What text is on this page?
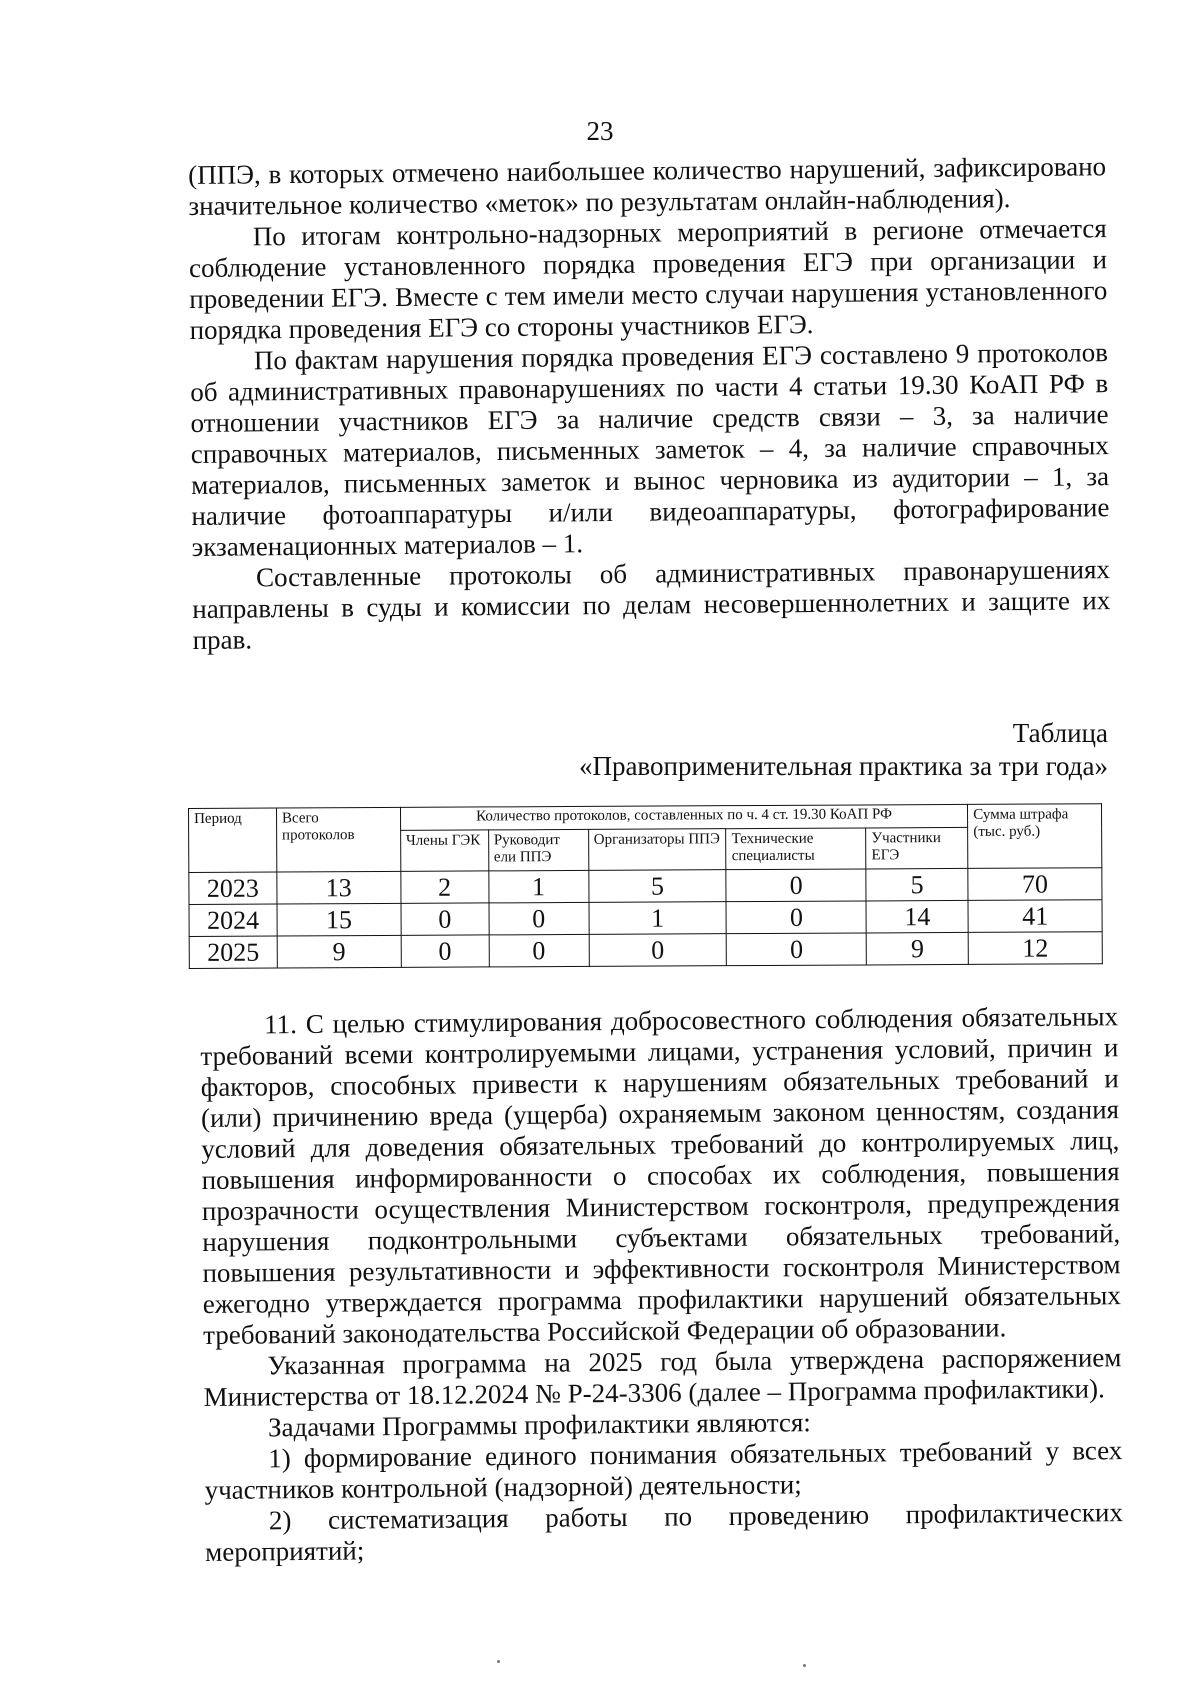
23

(ППЭ, в которых отмечено наибольшее количество нарушений, зафиксировано значительное количество «меток» по результатам онлайн-наблюдения).

По итогам контрольно-надзорных мероприятий в регионе отмечается соблюдение установленного порядка проведения ЕГЭ при организации и проведении ЕГЭ. Вместе с тем имели место случаи нарушения установленного порядка проведения ЕГЭ со стороны участников ЕГЭ.

По фактам нарушения порядка проведения ЕГЭ составлено 9 протоколов об административных правонарушениях по части 4 статьи 19.30 КоАП РФ в отношении участников ЕГЭ за наличие средств связи – 3, за наличие справочных материалов, письменных заметок – 4, за наличие справочных материалов, письменных заметок и вынос черновика из аудитории – 1, за наличие фотоаппаратуры и/или видеоаппаратуры, фотографирование экзаменационных материалов – 1.

Составленные протоколы об административных правонарушениях направлены в суды и комиссии по делам несовершеннолетних и защите их прав.

Таблица
«Правоприменительная практика за три года»
Период	Всего протоколов	Количество протоколов, составленных по ч. 4 ст. 19.30 КоАП РФ					Сумма штрафа (тыс. руб.)
		Члены ГЭК	Руководит ели ППЭ	Организаторы ППЭ	Технические специалисты	Участники ЕГЭ	
2023	13	2	1	5	0	5	70
2024	15	0	0	1	0	14	41
2025	9	0	0	0	0	9	12

11. С целью стимулирования добросовестного соблюдения обязательных требований всеми контролируемыми лицами, устранения условий, причин и факторов, способных привести к нарушениям обязательных требований и (или) причинению вреда (ущерба) охраняемым законом ценностям, создания условий для доведения обязательных требований до контролируемых лиц, повышения информированности о способах их соблюдения, повышения прозрачности осуществления Министерством госконтроля, предупреждения нарушения подконтрольными субъектами обязательных требований, повышения результативности и эффективности госконтроля Министерством ежегодно утверждается программа профилактики нарушений обязательных требований законодательства Российской Федерации об образовании.

Указанная программа на 2025 год была утверждена распоряжением Министерства от 18.12.2024 № Р-24-3306 (далее – Программа профилактики).

Задачами Программы профилактики являются:

1) формирование единого понимания обязательных требований у всех участников контрольной (надзорной) деятельности;

2) систематизация работы по проведению профилактических мероприятий;
